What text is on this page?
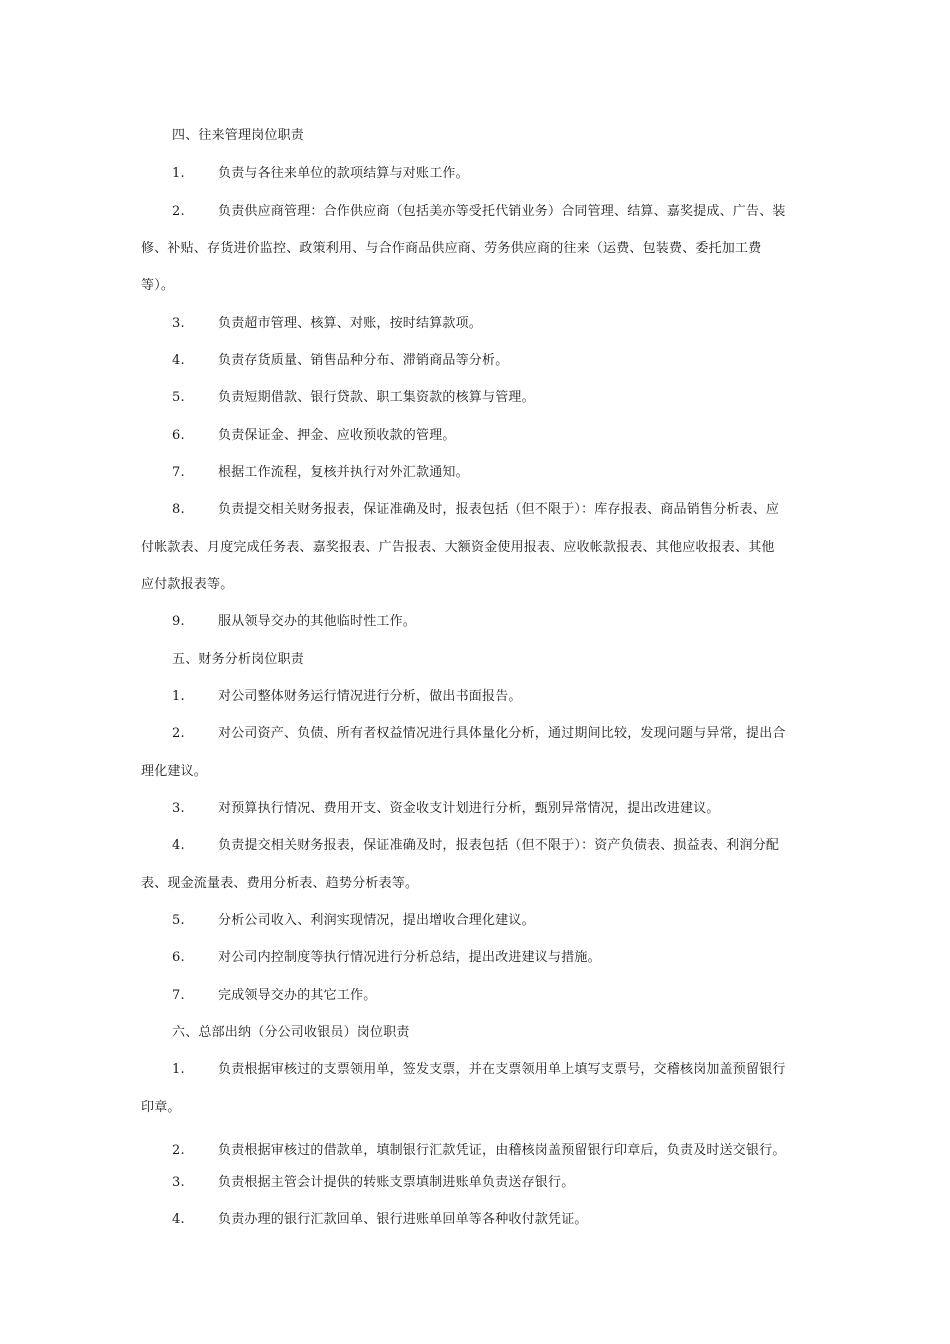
四、往来管理岗位职责
1.	负责与各往来单位的款项结算与对账工作。
2.	负责供应商管理：合作供应商（包括美亦等受托代销业务）合同管理、结算、嘉奖提成、广告、装
修、补贴、存货进价监控、政策利用、与合作商品供应商、劳务供应商的往来（运费、包装费、委托加工费
等）。
3.	负责超市管理、核算、对账，按时结算款项。
4.	负责存货质量、销售品种分布、滞销商品等分析。
5.	负责短期借款、银行贷款、职工集资款的核算与管理。
6.	负责保证金、押金、应收预收款的管理。
7.	根据工作流程，复核并执行对外汇款通知。
8.	负责提交相关财务报表，保证准确及时，报表包括（但不限于）：库存报表、商品销售分析表、应
付帐款表、月度完成任务表、嘉奖报表、广告报表、大额资金使用报表、应收帐款报表、其他应收报表、其他
应付款报表等。
9.	服从领导交办的其他临时性工作。
五、财务分析岗位职责
1.	对公司整体财务运行情况进行分析，做出书面报告。
2.	对公司资产、负债、所有者权益情况进行具体量化分析，通过期间比较，发现问题与异常，提出合
理化建议。
3.	对预算执行情况、费用开支、资金收支计划进行分析，甄别异常情况，提出改进建议。
4.	负责提交相关财务报表，保证准确及时，报表包括（但不限于）：资产负债表、损益表、利润分配
表、现金流量表、费用分析表、趋势分析表等。
5.	分析公司收入、利润实现情况，提出增收合理化建议。
6.	对公司内控制度等执行情况进行分析总结，提出改进建议与措施。
7.	完成领导交办的其它工作。
六、总部出纳（分公司收银员）岗位职责
1.	负责根据审核过的支票领用单，签发支票，并在支票领用单上填写支票号，交稽核岗加盖预留银行
印章。
2.	负责根据审核过的借款单，填制银行汇款凭证，由稽核岗盖预留银行印章后，负责及时送交银行。
3.	负责根据主管会计提供的转账支票填制进账单负责送存银行。
4.	负责办理的银行汇款回单、银行进账单回单等各种收付款凭证。
